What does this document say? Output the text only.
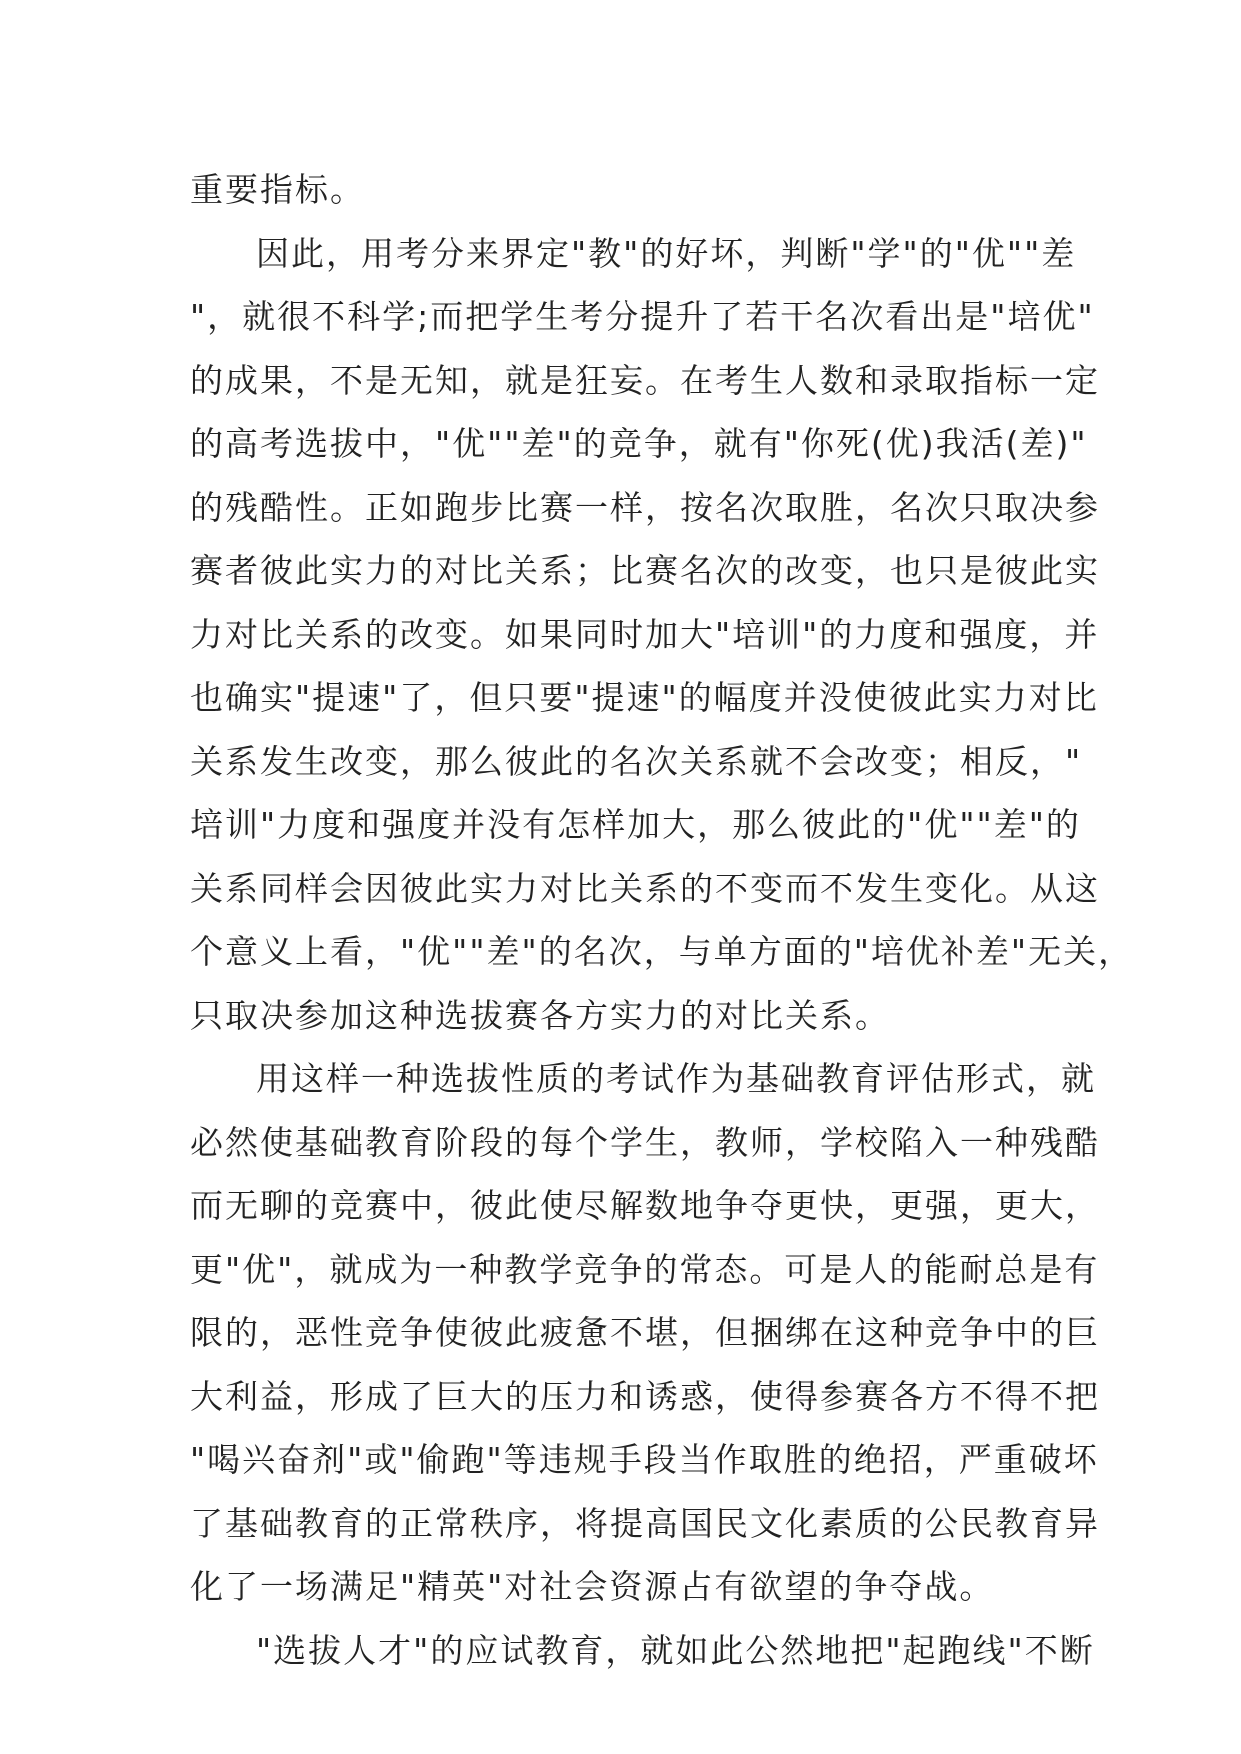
重要指标。

因此，用考分来界定"教"的好坏，判断"学"的"优""差
"，就很不科学;而把学生考分提升了若干名次看出是"培优"
的成果，不是无知，就是狂妄。在考生人数和录取指标一定
的高考选拔中，"优""差"的竞争，就有"你死(优)我活(差)"
的残酷性。正如跑步比赛一样，按名次取胜，名次只取决参
赛者彼此实力的对比关系；比赛名次的改变，也只是彼此实
力对比关系的改变。如果同时加大"培训"的力度和强度，并
也确实"提速"了，但只要"提速"的幅度并没使彼此实力对比
关系发生改变，那么彼此的名次关系就不会改变；相反，"
培训"力度和强度并没有怎样加大，那么彼此的"优""差"的
关系同样会因彼此实力对比关系的不变而不发生变化。从这
个意义上看，"优""差"的名次，与单方面的"培优补差"无关，
只取决参加这种选拔赛各方实力的对比关系。

用这样一种选拔性质的考试作为基础教育评估形式，就
必然使基础教育阶段的每个学生，教师，学校陷入一种残酷
而无聊的竞赛中，彼此使尽解数地争夺更快，更强，更大，
更"优"，就成为一种教学竞争的常态。可是人的能耐总是有
限的，恶性竞争使彼此疲惫不堪，但捆绑在这种竞争中的巨
大利益，形成了巨大的压力和诱惑，使得参赛各方不得不把
"喝兴奋剂"或"偷跑"等违规手段当作取胜的绝招，严重破坏
了基础教育的正常秩序，将提高国民文化素质的公民教育异
化了一场满足"精英"对社会资源占有欲望的争夺战。

"选拔人才"的应试教育，就如此公然地把"起跑线"不断
